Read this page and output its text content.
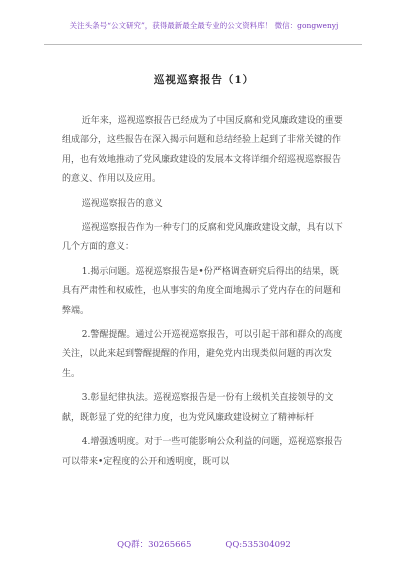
关注头条号“公文研究”，获得最新最全最专业的公文资料库！ 微信：gongwenyj
巡视巡察报告（1）

近年来，巡视巡察报告已经成为了中国反腐和党风廉政建设的重要组成部分，这些报告在深入揭示问题和总结经验上起到了非常关键的作用，也有效地推动了党风廉政建设的发展本文将详细介绍巡视巡察报告的意义、作用以及应用。

巡视巡察报告的意义

巡视巡察报告作为一种专门的反腐和党风廉政建设文献，具有以下几个方面的意义：

1.揭示问题。巡视巡察报告是•份严格调查研究后得出的结果，既具有严肃性和权威性，也从事实的角度全面地揭示了党内存在的问题和弊端。

2.警醒提醒。通过公开巡视巡察报告，可以引起干部和群众的高度关注，以此来起到警醒提醒的作用，避免党内出现类似问题的再次发生。

3.彰显纪律执法。巡视巡察报告是一份有上级机关直接领导的文献，既彰显了党的纪律力度，也为党风廉政建设树立了精神标杆

4.增强透明度。对于一些可能影响公众利益的问题，巡视巡察报告可以带来•定程度的公开和透明度，既可以

QQ群：30265665	QQ:535304092
